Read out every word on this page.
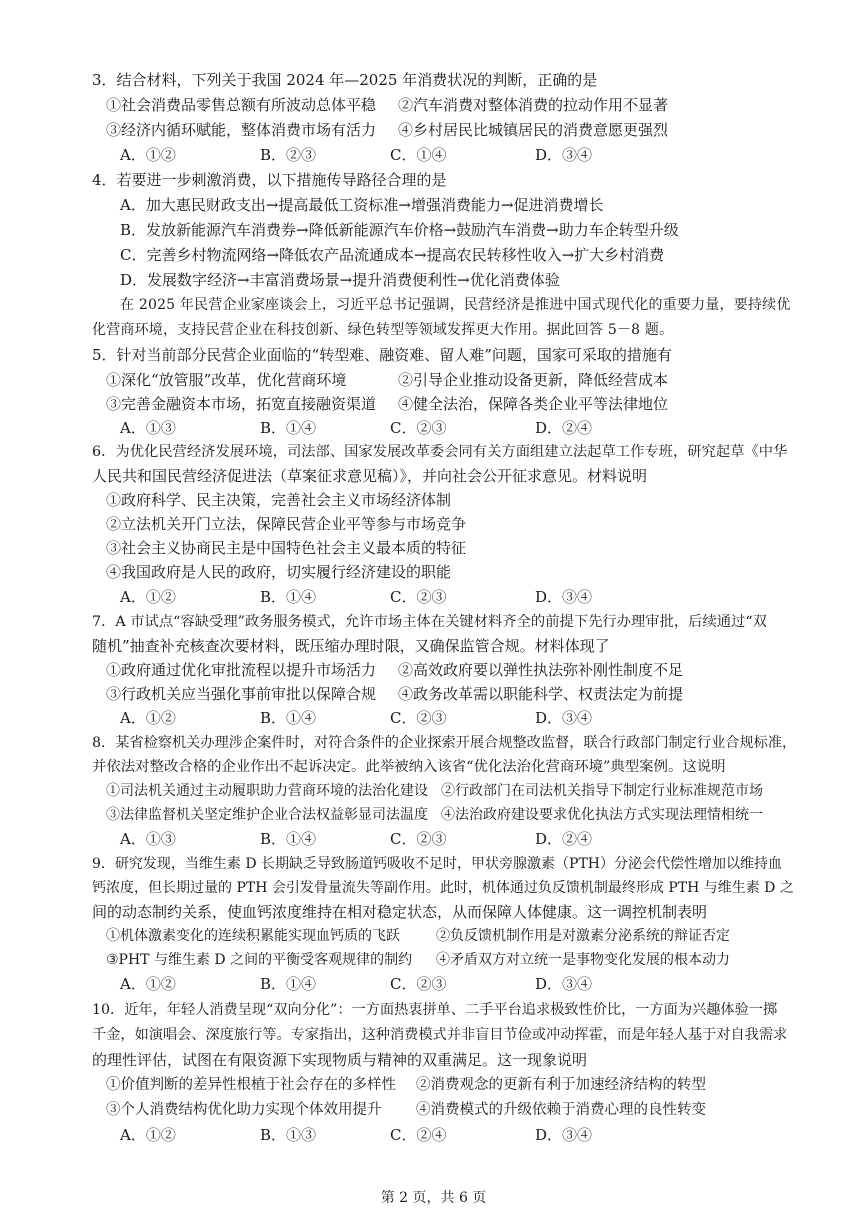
3．结合材料，下列关于我国 2024 年—2025 年消费状况的判断，正确的是
①社会消费品零售总额有所波动总体平稳 ②汽车消费对整体消费的拉动作用不显著
③经济内循环赋能，整体消费市场有活力 ④乡村居民比城镇居民的消费意愿更强烈
A．①②	B．②③	C．①④	D．③④
4．若要进一步刺激消费，以下措施传导路径合理的是
A．加大惠民财政支出→提高最低工资标准→增强消费能力→促进消费增长
B．发放新能源汽车消费券→降低新能源汽车价格→鼓励汽车消费→助力车企转型升级
C．完善乡村物流网络→降低农产品流通成本→提高农民转移性收入→扩大乡村消费
D．发展数字经济→丰富消费场景→提升消费便利性→优化消费体验
在 2025 年民营企业家座谈会上，习近平总书记强调，民营经济是推进中国式现代化的重要力量，要持续优
化营商环境，支持民营企业在科技创新、绿色转型等领域发挥更大作用。据此回答 5－8 题。
5．针对当前部分民营企业面临的“转型难、融资难、留人难”问题，国家可采取的措施有
①深化“放管服”改革，优化营商环境	②引导企业推动设备更新，降低经营成本
③完善金融资本市场，拓宽直接融资渠道 ④健全法治，保障各类企业平等法律地位
A．①③	B．①④	C．②③	D．②④
6．为优化民营经济发展环境，司法部、国家发展改革委会同有关方面组建立法起草工作专班，研究起草《中华
人民共和国民营经济促进法（草案征求意见稿）》，并向社会公开征求意见。材料说明
①政府科学、民主决策，完善社会主义市场经济体制
②立法机关开门立法，保障民营企业平等参与市场竞争
③社会主义协商民主是中国特色社会主义最本质的特征
④我国政府是人民的政府，切实履行经济建设的职能
A．①②	B．①④	C．②③	D．③④
7．A 市试点“容缺受理”政务服务模式，允许市场主体在关键材料齐全的前提下先行办理审批，后续通过“双
随机”抽查补充核查次要材料，既压缩办理时限，又确保监管合规。材料体现了
①政府通过优化审批流程以提升市场活力 ②高效政府要以弹性执法弥补刚性制度不足
③行政机关应当强化事前审批以保障合规 ④政务改革需以职能科学、权责法定为前提
A．①②	B．①④	C．②③	D．③④
8．某省检察机关办理涉企案件时，对符合条件的企业探索开展合规整改监督，联合行政部门制定行业合规标准，
并依法对整改合格的企业作出不起诉决定。此举被纳入该省“优化法治化营商环境”典型案例。这说明
①司法机关通过主动履职助力营商环境的法治化建设 ②行政部门在司法机关指导下制定行业标准规范市场
③法律监督机关坚定维护企业合法权益彰显司法温度 ④法治政府建设要求优化执法方式实现法理情相统一
A．①③	B．①④	C．②③	D．②④
9．研究发现，当维生素 D 长期缺乏导致肠道钙吸收不足时，甲状旁腺激素（PTH）分泌会代偿性增加以维持血
钙浓度，但长期过量的 PTH 会引发骨量流失等副作用。此时，机体通过负反馈机制最终形成 PTH 与维生素 D 之
间的动态制约关系，使血钙浓度维持在相对稳定状态，从而保障人体健康。这一调控机制表明
①机体激素变化的连续积累能实现血钙质的飞跃	②负反馈机制作用是对激素分泌系统的辩证否定
③PHT 与维生素 D 之间的平衡受客观规律的制约 ④矛盾双方对立统一是事物变化发展的根本动力
A．①②	B．①④	C．②③	D．③④
10．近年，年轻人消费呈现“双向分化”：一方面热衷拼单、二手平台追求极致性价比，一方面为兴趣体验一掷
千金，如演唱会、深度旅行等。专家指出，这种消费模式并非盲目节俭或冲动挥霍，而是年轻人基于对自我需求
的理性评估，试图在有限资源下实现物质与精神的双重满足。这一现象说明
①价值判断的差异性根植于社会存在的多样性 ②消费观念的更新有利于加速经济结构的转型
③个人消费结构优化助力实现个体效用提升 ④消费模式的升级依赖于消费心理的良性转变
A．①②	B．①③	C．②④	D．③④
第 2 页，共 6 页
